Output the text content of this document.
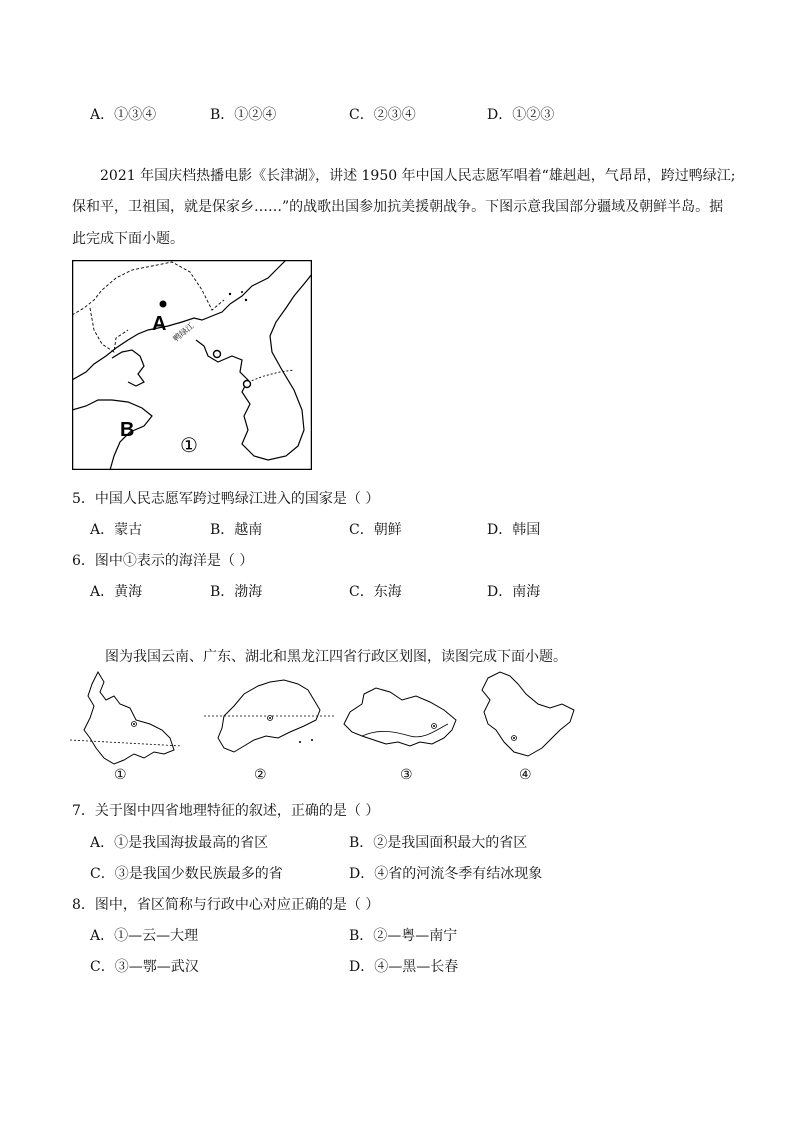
A．①③④	B．①②④	C．②③④	D．①②③
2021 年国庆档热播电影《长津湖》，讲述 1950 年中国人民志愿军唱着“雄赳赳，气昂昂，跨过鸭绿江;
保和平，卫祖国，就是保家乡……”的战歌出国参加抗美援朝战争。下图示意我国部分疆域及朝鲜半岛。据
此完成下面小题。
A
B
①
鸭绿江
5．中国人民志愿军跨过鸭绿江进入的国家是（ ）
A．蒙古	B．越南	C．朝鲜	D．韩国
6．图中①表示的海洋是（ ）
A．黄海	B．渤海	C．东海	D．南海
图为我国云南、广东、湖北和黑龙江四省行政区划图，读图完成下面小题。
①	②	③	④
7．关于图中四省地理特征的叙述，正确的是（ ）
A．①是我国海拔最高的省区	B．②是我国面积最大的省区
C．③是我国少数民族最多的省	D．④省的河流冬季有结冰现象
8．图中，省区简称与行政中心对应正确的是（ ）
A．①—云—大理	B．②—粤—南宁
C．③—鄂—武汉	D．④—黑—长春
